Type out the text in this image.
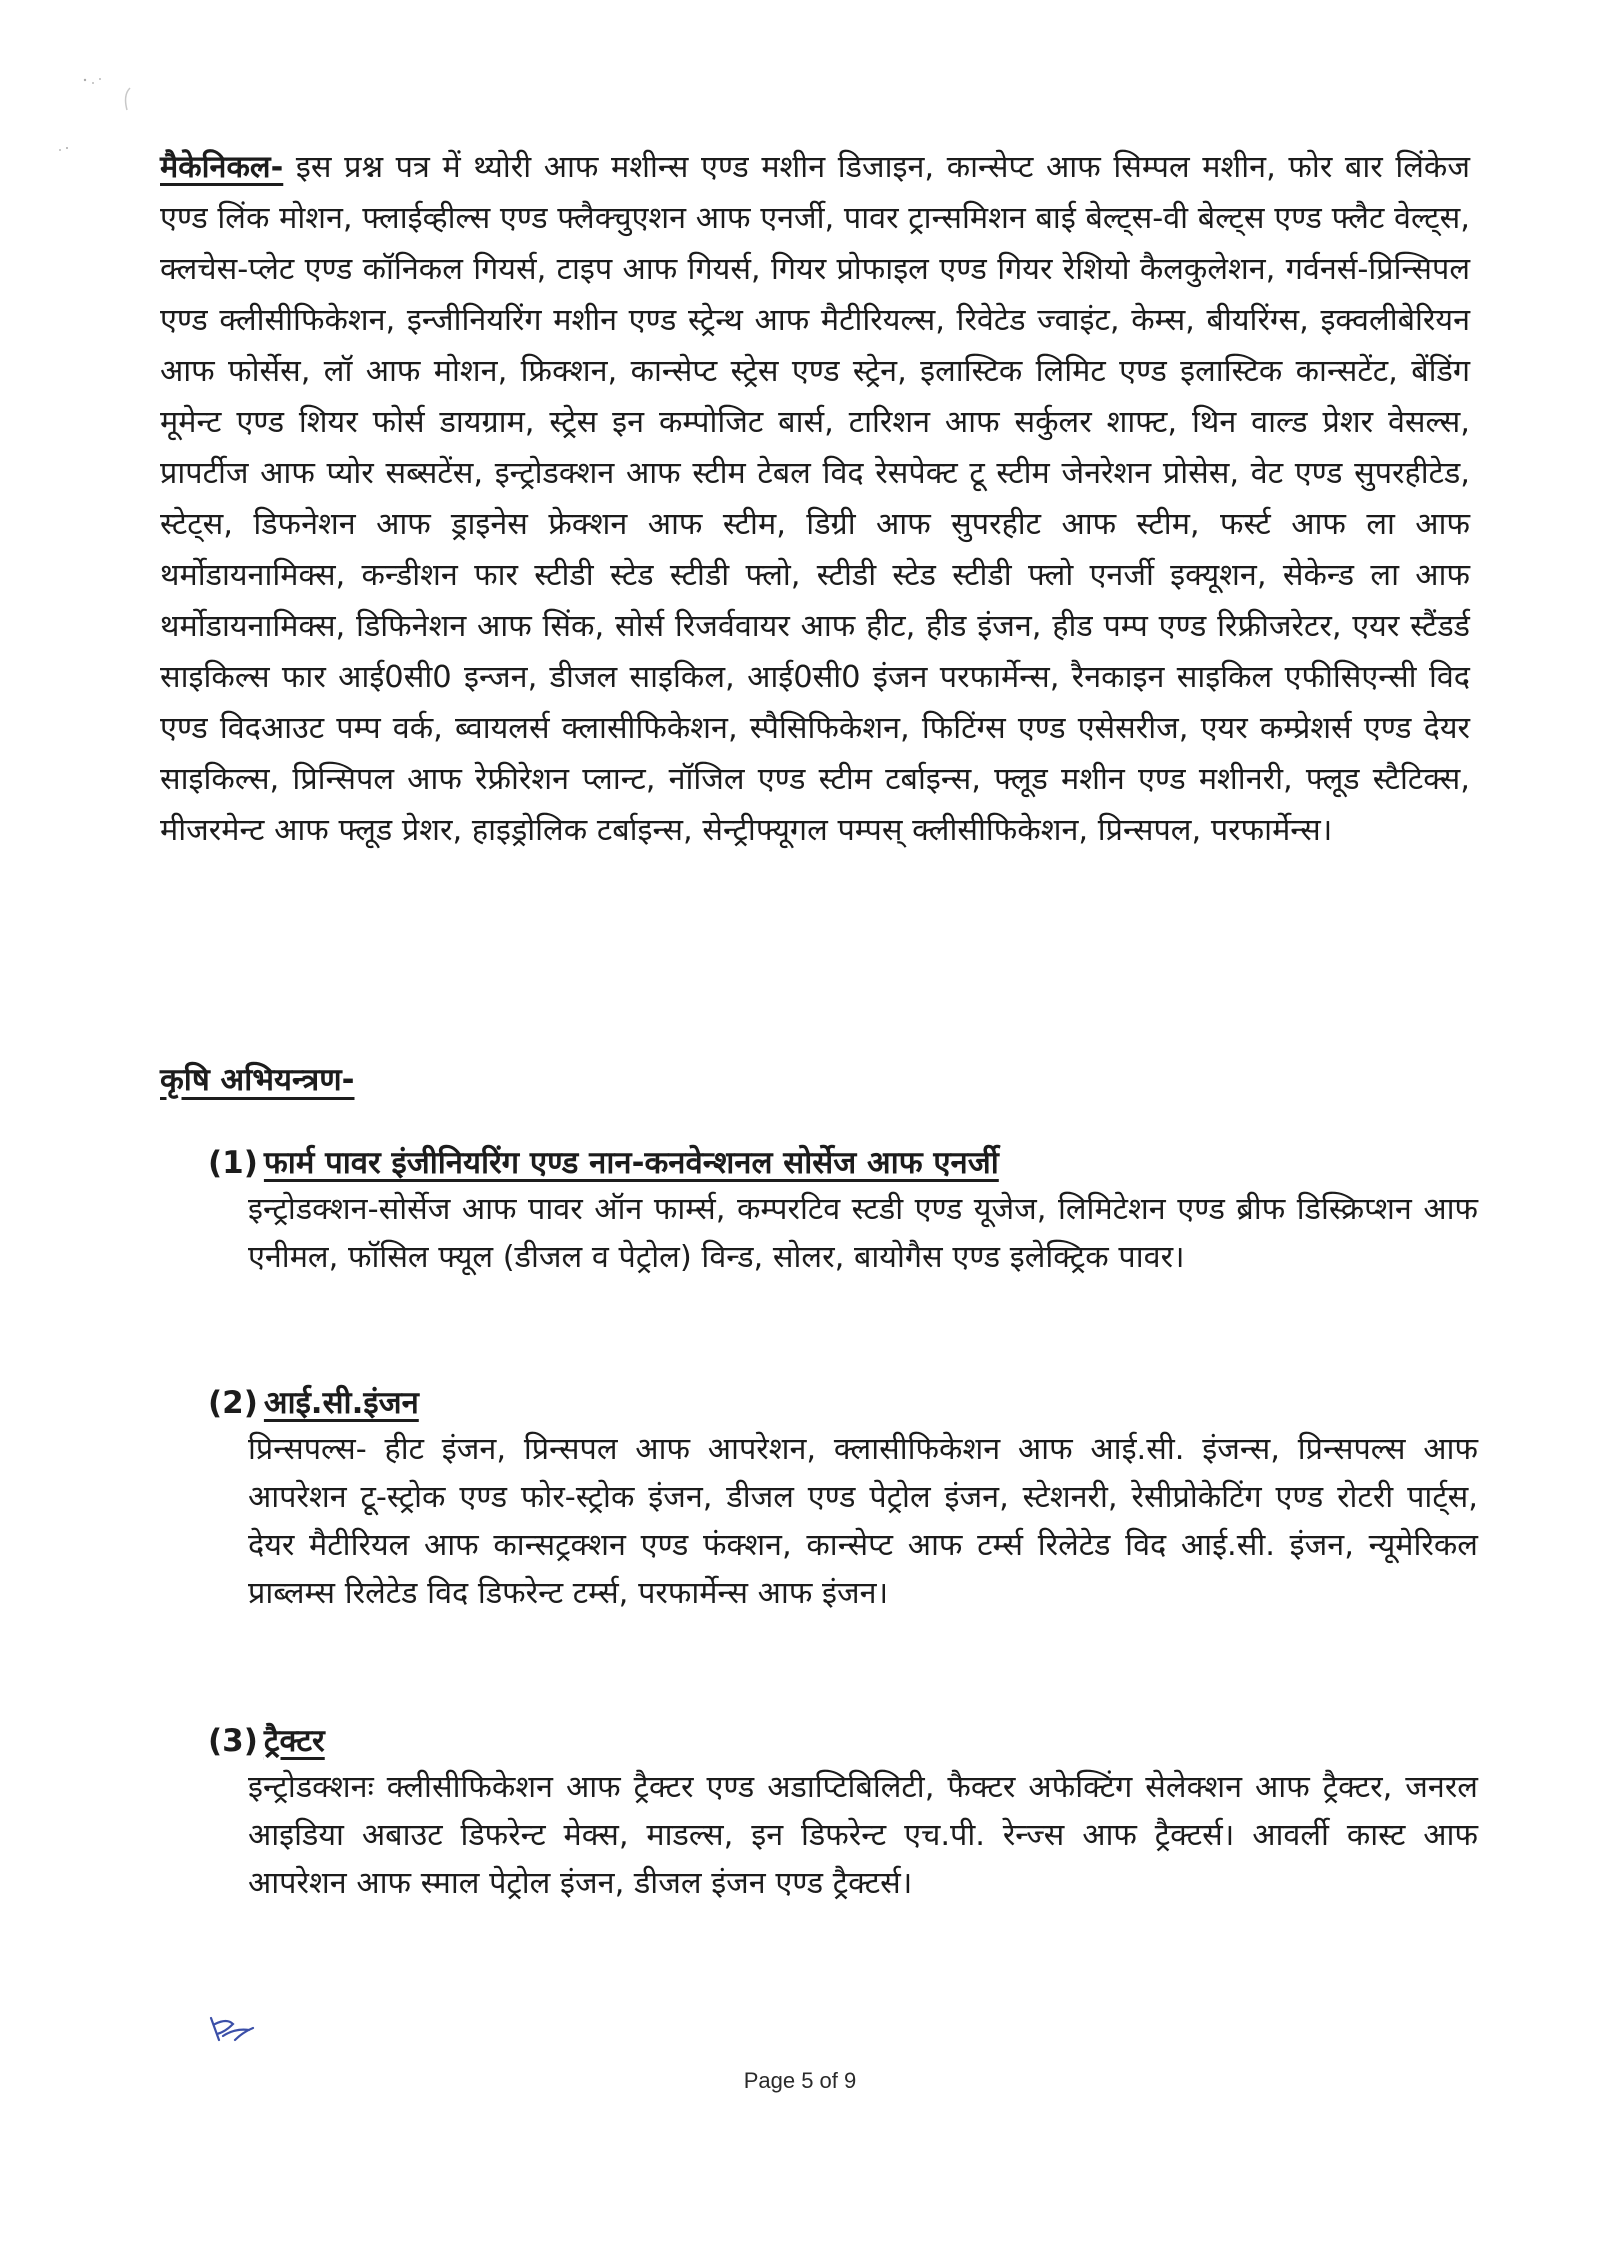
मैकेनिकल- इस प्रश्न पत्र में थ्योरी आफ मशीन्स एण्ड मशीन डिजाइन, कान्सेप्ट आफ सिम्पल मशीन, फोर बार लिंकेज एण्ड लिंक मोशन, फ्लाईव्हील्स एण्ड फ्लैक्चुएशन आफ एनर्जी, पावर ट्रान्समिशन बाई बेल्ट्स-वी बेल्ट्स एण्ड फ्लैट वेल्ट्स, क्लचेस-प्लेट एण्ड कॉनिकल गियर्स, टाइप आफ गियर्स, गियर प्रोफाइल एण्ड गियर रेशियो कैलकुलेशन, गर्वनर्स-प्रिन्सिपल एण्ड क्लीसीफिकेशन, इन्जीनियरिंग मशीन एण्ड स्ट्रेन्थ आफ मैटीरियल्स, रिवेटेड ज्वाइंट, केम्स, बीयरिंग्स, इक्वलीबेरियन आफ फोर्सेस, लॉ आफ मोशन, फ्रिक्शन, कान्सेप्ट स्ट्रेस एण्ड स्ट्रेन, इलास्टिक लिमिट एण्ड इलास्टिक कान्सटेंट, बेंडिंग मूमेन्ट एण्ड शियर फोर्स डायग्राम, स्ट्रेस इन कम्पोजिट बार्स, टारिशन आफ सर्कुलर शाफ्ट, थिन वाल्ड प्रेशर वेसल्स, प्रापर्टीज आफ प्योर सब्सटेंस, इन्ट्रोडक्शन आफ स्टीम टेबल विद रेसपेक्ट टू स्टीम जेनरेशन प्रोसेस, वेट एण्ड सुपरहीटेड, स्टेट्स, डिफनेशन आफ ड्राइनेस फ्रेक्शन आफ स्टीम, डिग्री आफ सुपरहीट आफ स्टीम, फर्स्ट आफ ला आफ थर्मोडायनामिक्स, कन्डीशन फार स्टीडी स्टेड स्टीडी फ्लो, स्टीडी स्टेड स्टीडी फ्लो एनर्जी इक्यूशन, सेकेन्ड ला आफ थर्मोडायनामिक्स, डिफिनेशन आफ सिंक, सोर्स रिजर्ववायर आफ हीट, हीड इंजन, हीड पम्प एण्ड रिफ्रीजरेटर, एयर स्टैंडर्ड साइकिल्स फार आई0सी0 इन्जन, डीजल साइकिल, आई0सी0 इंजन परफार्मेन्स, रैनकाइन साइकिल एफीसिएन्सी विद एण्ड विदआउट पम्प वर्क, ब्वायलर्स क्लासीफिकेशन, स्पैसिफिकेशन, फिटिंग्स एण्ड एसेसरीज, एयर कम्प्रेशर्स एण्ड देयर साइकिल्स, प्रिन्सिपल आफ रेफ्रीरेशन प्लान्ट, नॉजिल एण्ड स्टीम टर्बाइन्स, फ्लूड मशीन एण्ड मशीनरी, फ्लूड स्टैटिक्स, मीजरमेन्ट आफ फ्लूड प्रेशर, हाइड्रोलिक टर्बाइन्स, सेन्ट्रीफ्यूगल पम्पस् क्लीसीफिकेशन, प्रिन्सपल, परफार्मेन्स।
कृषि अभियन्त्रण-

(1) फार्म पावर इंजीनियरिंग एण्ड नान-कनवेन्शनल सोर्सेज आफ एनर्जी

इन्ट्रोडक्शन-सोर्सेज आफ पावर ऑन फार्म्स, कम्परटिव स्टडी एण्ड यूजेज, लिमिटेशन एण्ड ब्रीफ डिस्क्रिप्शन आफ एनीमल, फॉसिल फ्यूल (डीजल व पेट्रोल) विन्ड, सोलर, बायोगैस एण्ड इलेक्ट्रिक पावर।

(2) आई.सी.इंजन

प्रिन्सपल्स- हीट इंजन, प्रिन्सपल आफ आपरेशन, क्लासीफिकेशन आफ आई.सी. इंजन्स, प्रिन्सपल्स आफ आपरेशन टू-स्ट्रोक एण्ड फोर-स्ट्रोक इंजन, डीजल एण्ड पेट्रोल इंजन, स्टेशनरी, रेसीप्रोकेटिंग एण्ड रोटरी पार्ट्स, देयर मैटीरियल आफ कान्सट्रक्शन एण्ड फंक्शन, कान्सेप्ट आफ टर्म्स रिलेटेड विद आई.सी. इंजन, न्यूमेरिकल प्राब्लम्स रिलेटेड विद डिफरेन्ट टर्म्स, परफार्मेन्स आफ इंजन।

(3) ट्रैक्टर

इन्ट्रोडक्शनः क्लीसीफिकेशन आफ ट्रैक्टर एण्ड अडाप्टिबिलिटी, फैक्टर अफेक्टिंग सेलेक्शन आफ ट्रैक्टर, जनरल आइडिया अबाउट डिफरेन्ट मेक्स, माडल्स, इन डिफरेन्ट एच.पी. रेन्ज्स आफ ट्रैक्टर्स। आवर्ली कास्ट आफ आपरेशन आफ स्माल पेट्रोल इंजन, डीजल इंजन एण्ड ट्रैक्टर्स।

Page 5 of 9
